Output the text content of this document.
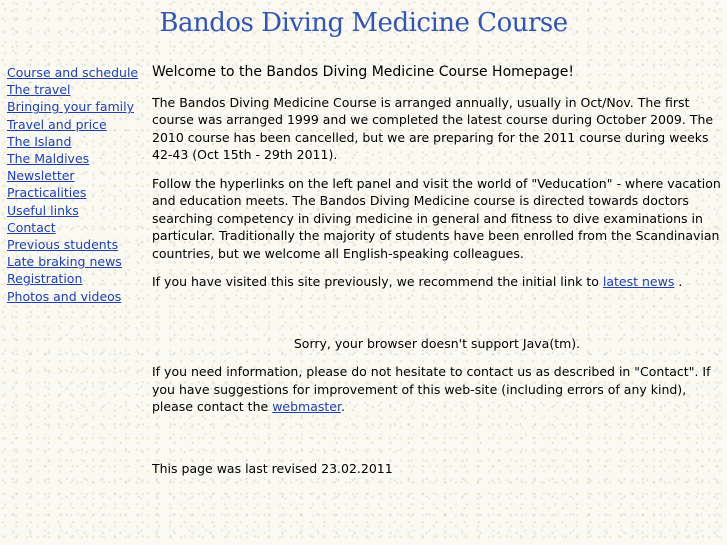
Bandos Diving Medicine Course
Course and schedule
The travel
Bringing your family
Travel and price
The Island
The Maldives
Newsletter
Practicalities
Useful links
Contact
Previous students
Late braking news
Registration
Photos and videos

Welcome to the Bandos Diving Medicine Course Homepage!

The Bandos Diving Medicine Course is arranged annually, usually in Oct/Nov. The first course was arranged 1999 and we completed the latest course during October 2009. The 2010 course has been cancelled, but we are preparing for the 2011 course during weeks 42-43 (Oct 15th - 29th 2011).

Follow the hyperlinks on the left panel and visit the world of "Veducation" - where vacation and education meets. The Bandos Diving Medicine course is directed towards doctors searching competency in diving medicine in general and fitness to dive examinations in particular. Traditionally the majority of students have been enrolled from the Scandinavian countries, but we welcome all English-speaking colleagues.

If you have visited this site previously, we recommend the initial link to latest news .

Sorry, your browser doesn't support Java(tm).

If you need information, please do not hesitate to contact us as described in "Contact". If you have suggestions for improvement of this web-site (including errors of any kind), please contact the webmaster.

This page was last revised 23.02.2011
